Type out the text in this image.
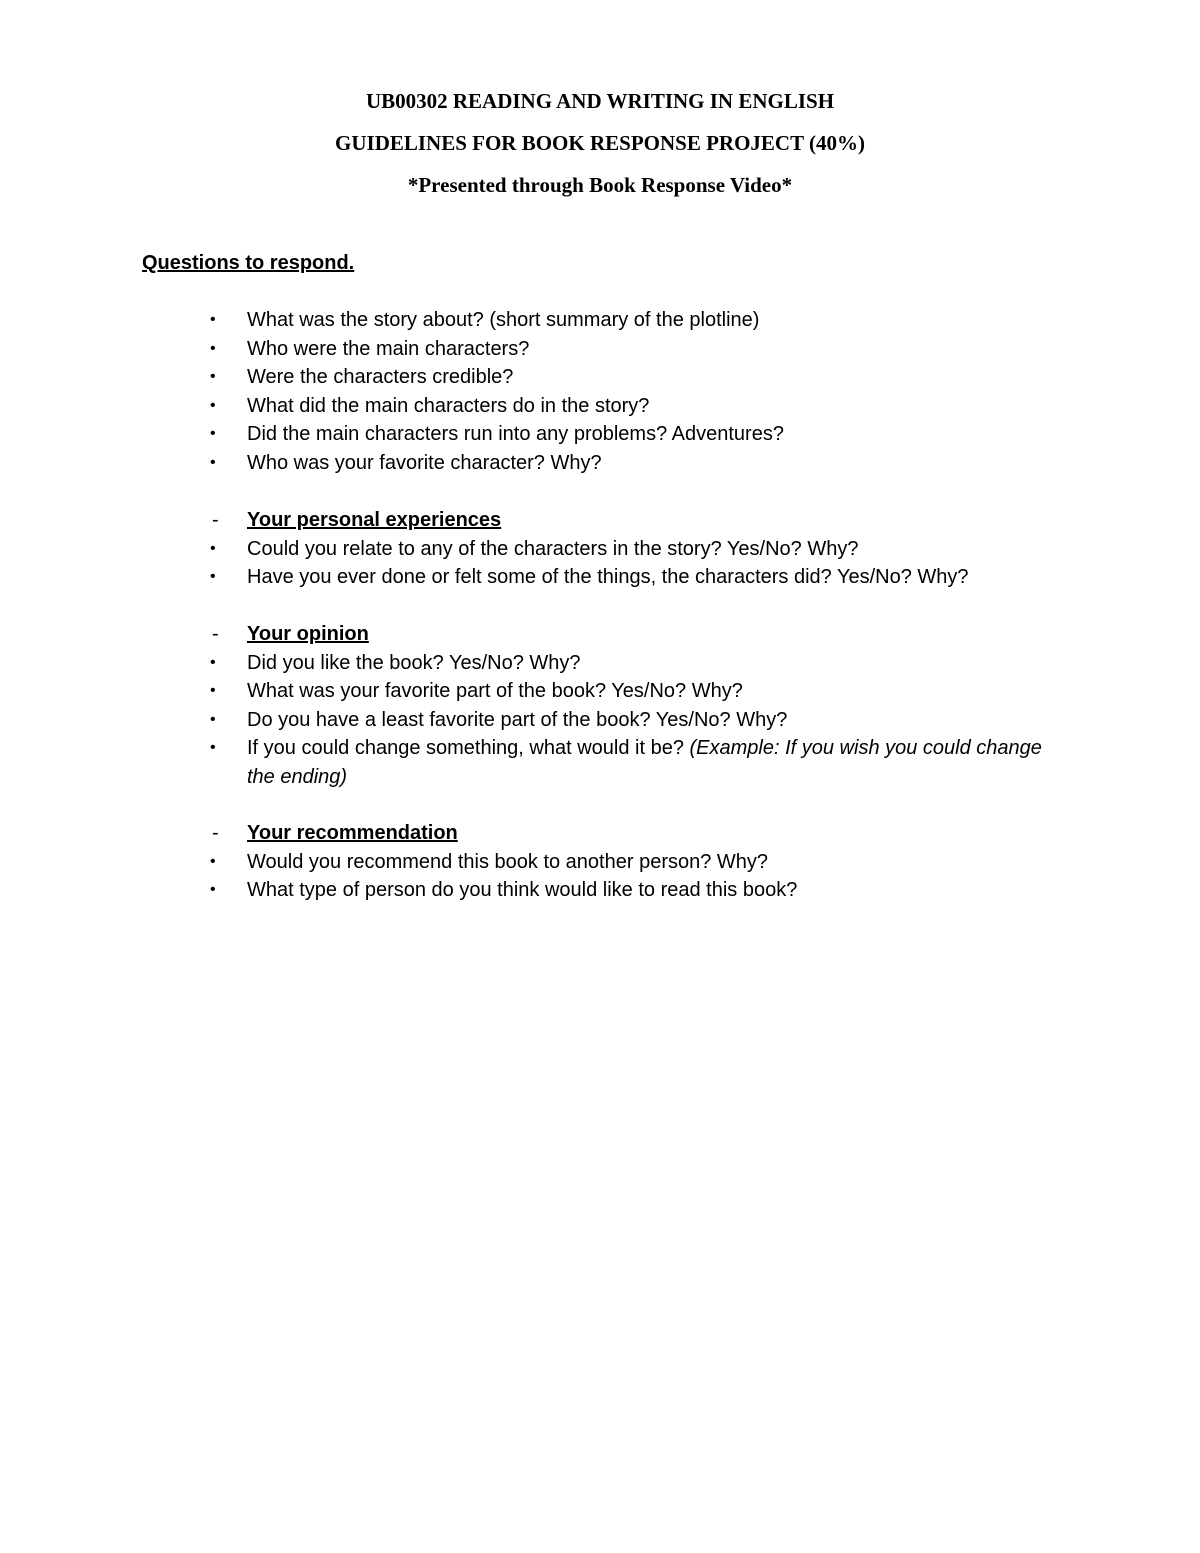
UB00302 READING AND WRITING IN ENGLISH
GUIDELINES FOR BOOK RESPONSE PROJECT (40%)
*Presented through Book Response Video*
Questions to respond.
• What was the story about? (short summary of the plotline)
• Who were the main characters?
• Were the characters credible?
• What did the main characters do in the story?
• Did the main characters run into any problems? Adventures?
• Who was your favorite character? Why?
- Your personal experiences
• Could you relate to any of the characters in the story? Yes/No? Why?
• Have you ever done or felt some of the things, the characters did? Yes/No? Why?
- Your opinion
• Did you like the book? Yes/No? Why?
• What was your favorite part of the book? Yes/No? Why?
• Do you have a least favorite part of the book? Yes/No? Why?
• If you could change something, what would it be? (Example: If you wish you could change the ending)
- Your recommendation
• Would you recommend this book to another person? Why?
• What type of person do you think would like to read this book?
